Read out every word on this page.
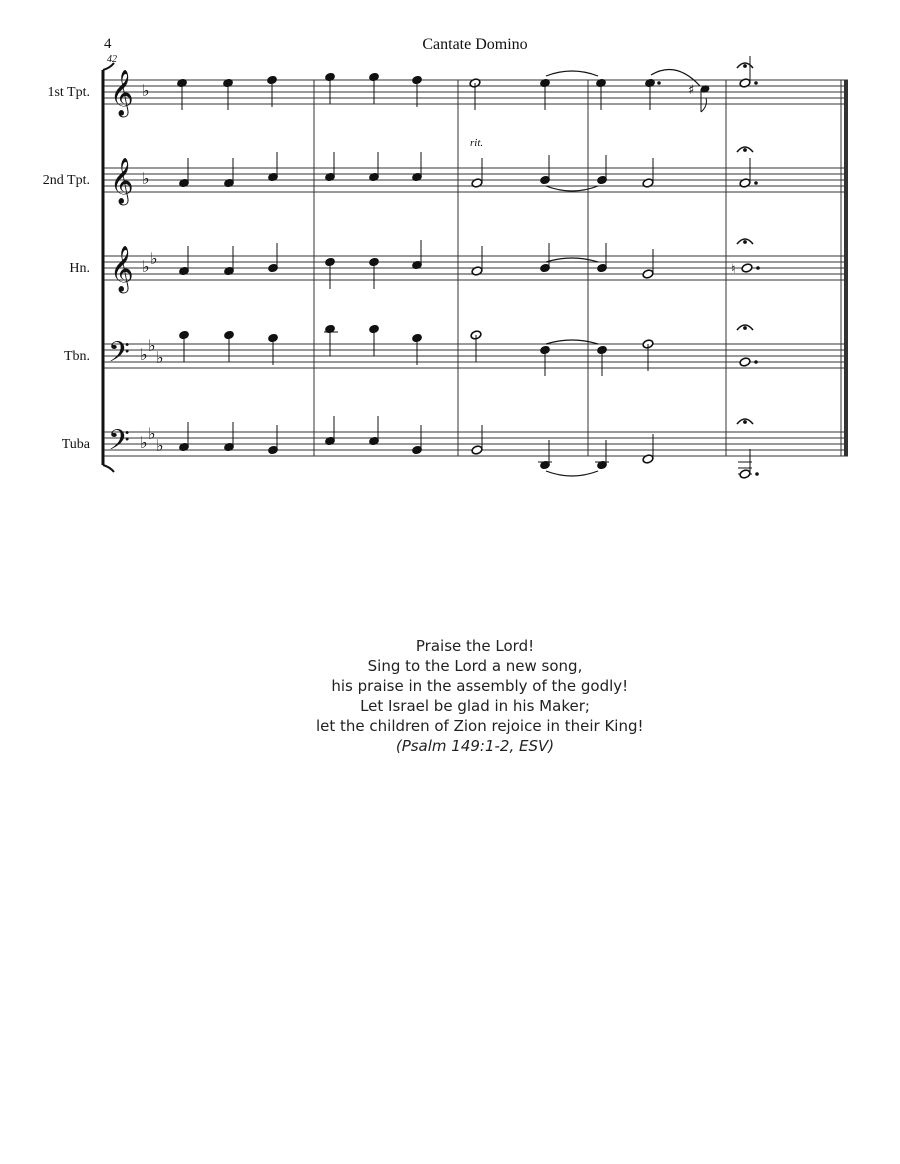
4
42
Cantate Domino
1st Tpt.
2nd Tpt.
Hn.
Tbn.
Tuba
𝄞
𝄞
𝄞
𝄢
𝄢
♭
♭
♭ ♭
♭ ♭
♭
♭ ♭
♭
♯
rit.
♮
Praise the Lord!
Sing to the Lord a new song,
his praise in the assembly of the godly!
Let Israel be glad in his Maker;
let the children of Zion rejoice in their King!
(Psalm 149:1-2, ESV)
